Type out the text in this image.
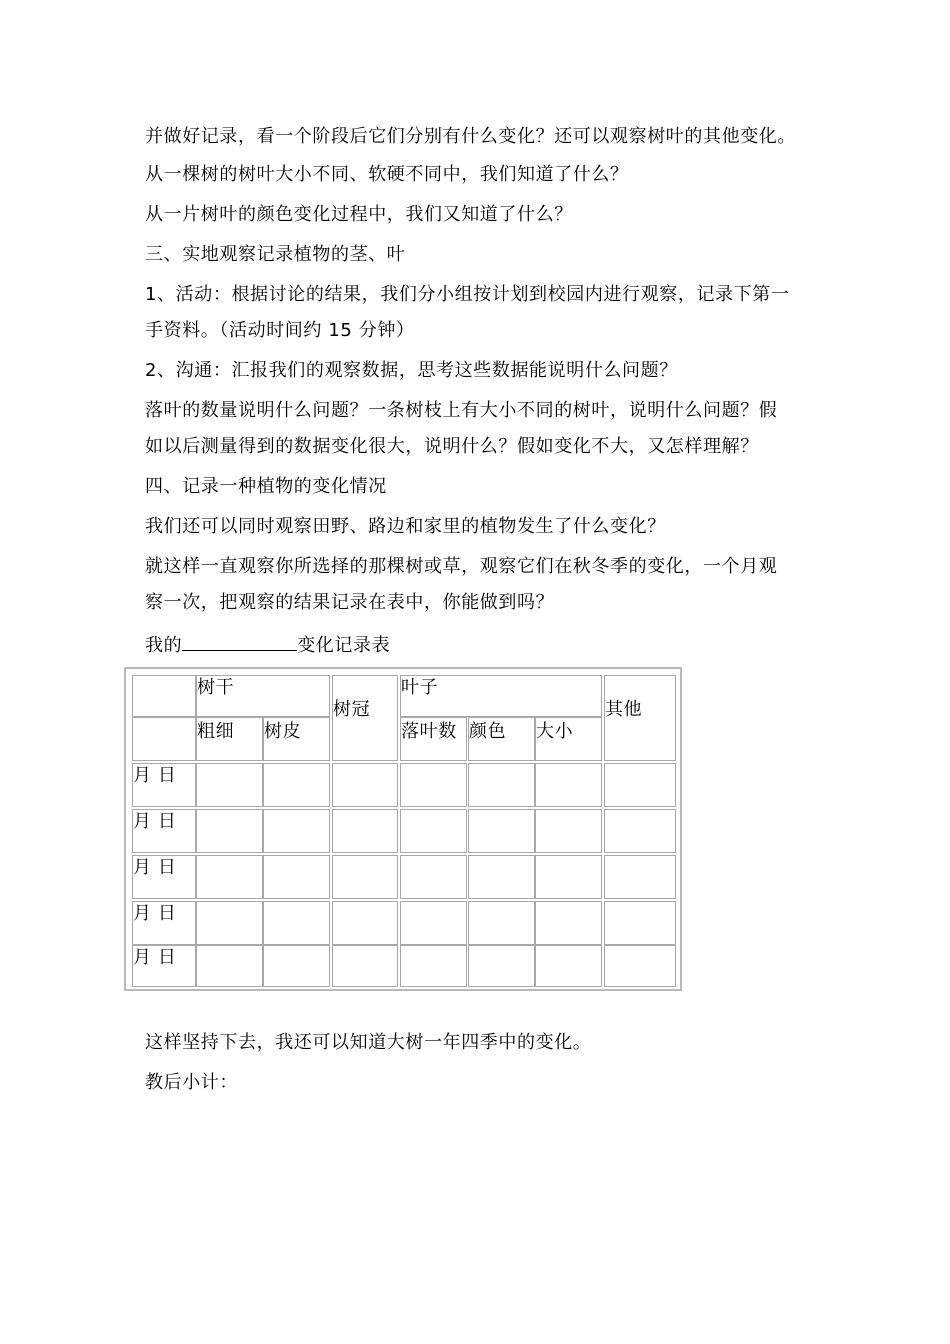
并做好记录，看一个阶段后它们分别有什么变化？还可以观察树叶的其他变化。
从一棵树的树叶大小不同、软硬不同中，我们知道了什么？
从一片树叶的颜色变化过程中，我们又知道了什么？
三、实地观察记录植物的茎、叶
1、活动：根据讨论的结果，我们分小组按计划到校园内进行观察，记录下第一
手资料。（活动时间约 15 分钟）
2、沟通：汇报我们的观察数据，思考这些数据能说明什么问题？
落叶的数量说明什么问题？一条树枝上有大小不同的树叶，说明什么问题？假
如以后测量得到的数据变化很大，说明什么？假如变化不大，又怎样理解？
四、记录一种植物的变化情况
我们还可以同时观察田野、路边和家里的植物发生了什么变化？
就这样一直观察你所选择的那棵树或草，观察它们在秋冬季的变化，一个月观
察一次，把观察的结果记录在表中，你能做到吗？
我的	变化记录表
树干
粗细 树皮
树冠
叶子
落叶数 颜色 大小
其他
月 日
月 日
月 日
月 日
月 日
这样坚持下去，我还可以知道大树一年四季中的变化。
教后小计：
